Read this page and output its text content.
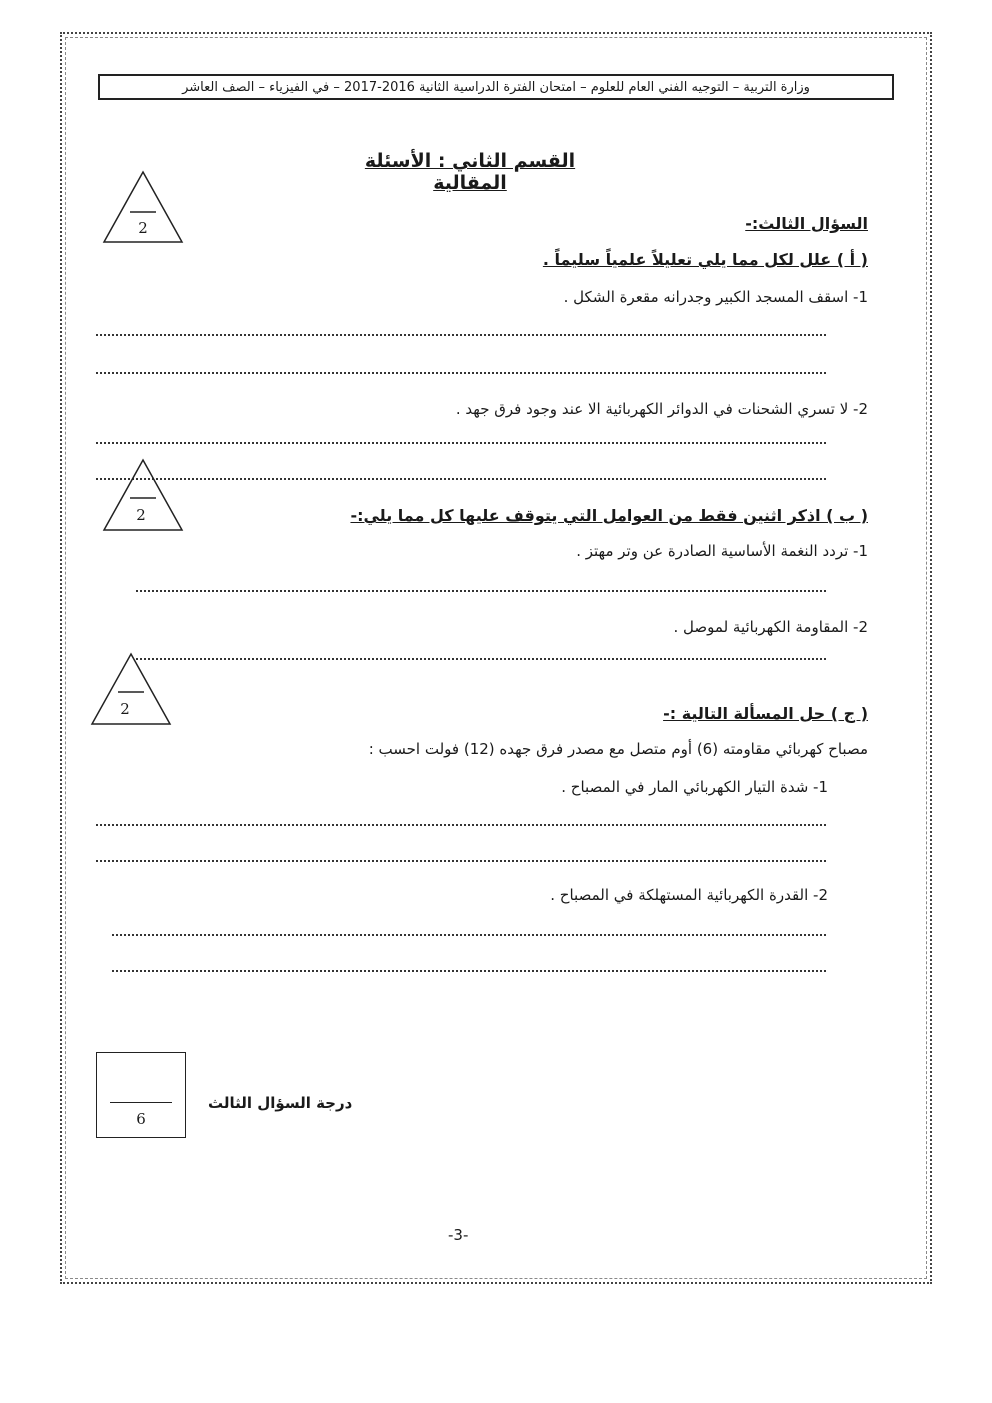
وزارة التربية – التوجيه الفني العام للعلوم – امتحان الفترة الدراسية الثانية 2016-2017 – في الفيزياء – الصف العاشر
القسم الثاني : الأسئلة المقالية
2	السؤال الثالث:-
( أ ) علل لكل مما يلي تعليلاً علمياً سليماً .
1- اسقف المسجد الكبير وجدرانه مقعرة الشكل .
2- لا تسري الشحنات في الدوائر الكهربائية الا عند وجود فرق جهد .
2	( ب ) اذكر اثنين فقط من العوامل التي يتوقف عليها كل مما يلي:-
1- تردد النغمة الأساسية الصادرة عن وتر مهتز .
2- المقاومة الكهربائية لموصل .
2	( ج ) حل المسألة التالية :-
مصباح كهربائي مقاومته (6) أوم متصل مع مصدر فرق جهده (12) فولت احسب :
1- شدة التيار الكهربائي المار في المصباح .
2- القدرة الكهربائية المستهلكة في المصباح .
6
درجة السؤال الثالث
-3-
